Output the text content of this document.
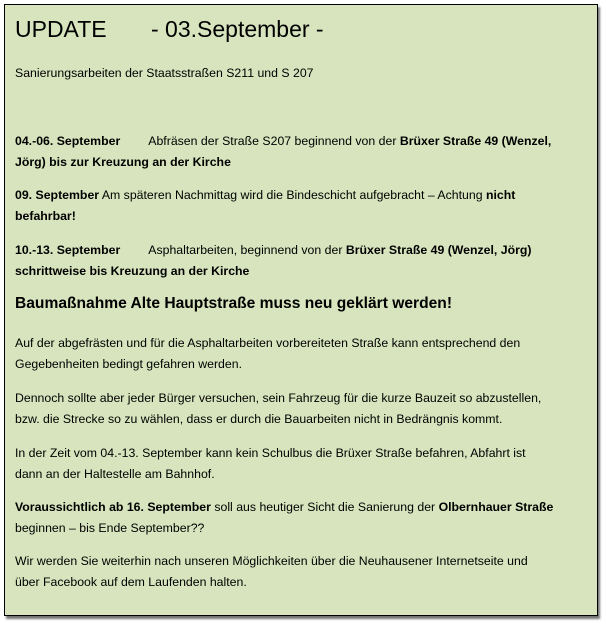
UPDATE - 03.September -
Sanierungsarbeiten der Staatsstraßen S211 und S 207
04.-06. September Abfräsen der Straße S207 beginnend von der Brüxer Straße 49 (Wenzel,
Jörg) bis zur Kreuzung an der Kirche
09. September Am späteren Nachmittag wird die Bindeschicht aufgebracht – Achtung nicht
befahrbar!
10.-13. September Asphaltarbeiten, beginnend von der Brüxer Straße 49 (Wenzel, Jörg)
schrittweise bis Kreuzung an der Kirche
Baumaßnahme Alte Hauptstraße muss neu geklärt werden!
Auf der abgefrästen und für die Asphaltarbeiten vorbereiteten Straße kann entsprechend den
Gegebenheiten bedingt gefahren werden.
Dennoch sollte aber jeder Bürger versuchen, sein Fahrzeug für die kurze Bauzeit so abzustellen,
bzw. die Strecke so zu wählen, dass er durch die Bauarbeiten nicht in Bedrängnis kommt.
In der Zeit vom 04.-13. September kann kein Schulbus die Brüxer Straße befahren, Abfahrt ist
dann an der Haltestelle am Bahnhof.
Voraussichtlich ab 16. September soll aus heutiger Sicht die Sanierung der Olbernhauer Straße
beginnen – bis Ende September??
Wir werden Sie weiterhin nach unseren Möglichkeiten über die Neuhausener Internetseite und
über Facebook auf dem Laufenden halten.
